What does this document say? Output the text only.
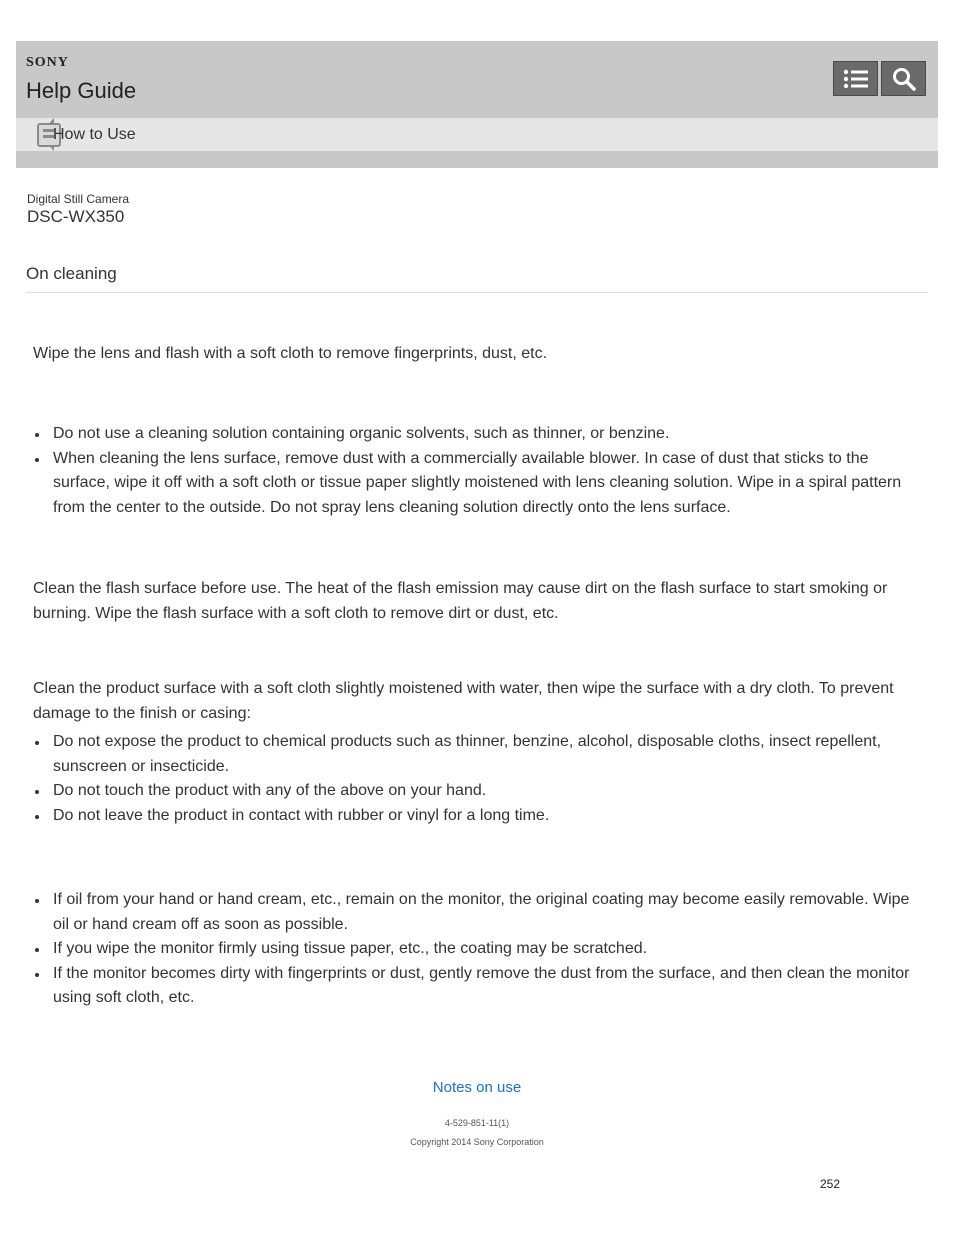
SONY
Help Guide
How to Use
Digital Still Camera
DSC-WX350
On cleaning

Wipe the lens and flash with a soft cloth to remove fingerprints, dust, etc.

Do not use a cleaning solution containing organic solvents, such as thinner, or benzine.
When cleaning the lens surface, remove dust with a commercially available blower. In case of dust that sticks to the surface, wipe it off with a soft cloth or tissue paper slightly moistened with lens cleaning solution. Wipe in a spiral pattern from the center to the outside. Do not spray lens cleaning solution directly onto the lens surface.

Clean the flash surface before use. The heat of the flash emission may cause dirt on the flash surface to start smoking or burning. Wipe the flash surface with a soft cloth to remove dirt or dust, etc.

Clean the product surface with a soft cloth slightly moistened with water, then wipe the surface with a dry cloth. To prevent damage to the finish or casing:

Do not expose the product to chemical products such as thinner, benzine, alcohol, disposable cloths, insect repellent, sunscreen or insecticide.
Do not touch the product with any of the above on your hand.
Do not leave the product in contact with rubber or vinyl for a long time.
If oil from your hand or hand cream, etc., remain on the monitor, the original coating may become easily removable. Wipe oil or hand cream off as soon as possible.
If you wipe the monitor firmly using tissue paper, etc., the coating may be scratched.
If the monitor becomes dirty with fingerprints or dust, gently remove the dust from the surface, and then clean the monitor using soft cloth, etc.
Notes on use
4-529-851-11(1)
Copyright 2014 Sony Corporation
252
